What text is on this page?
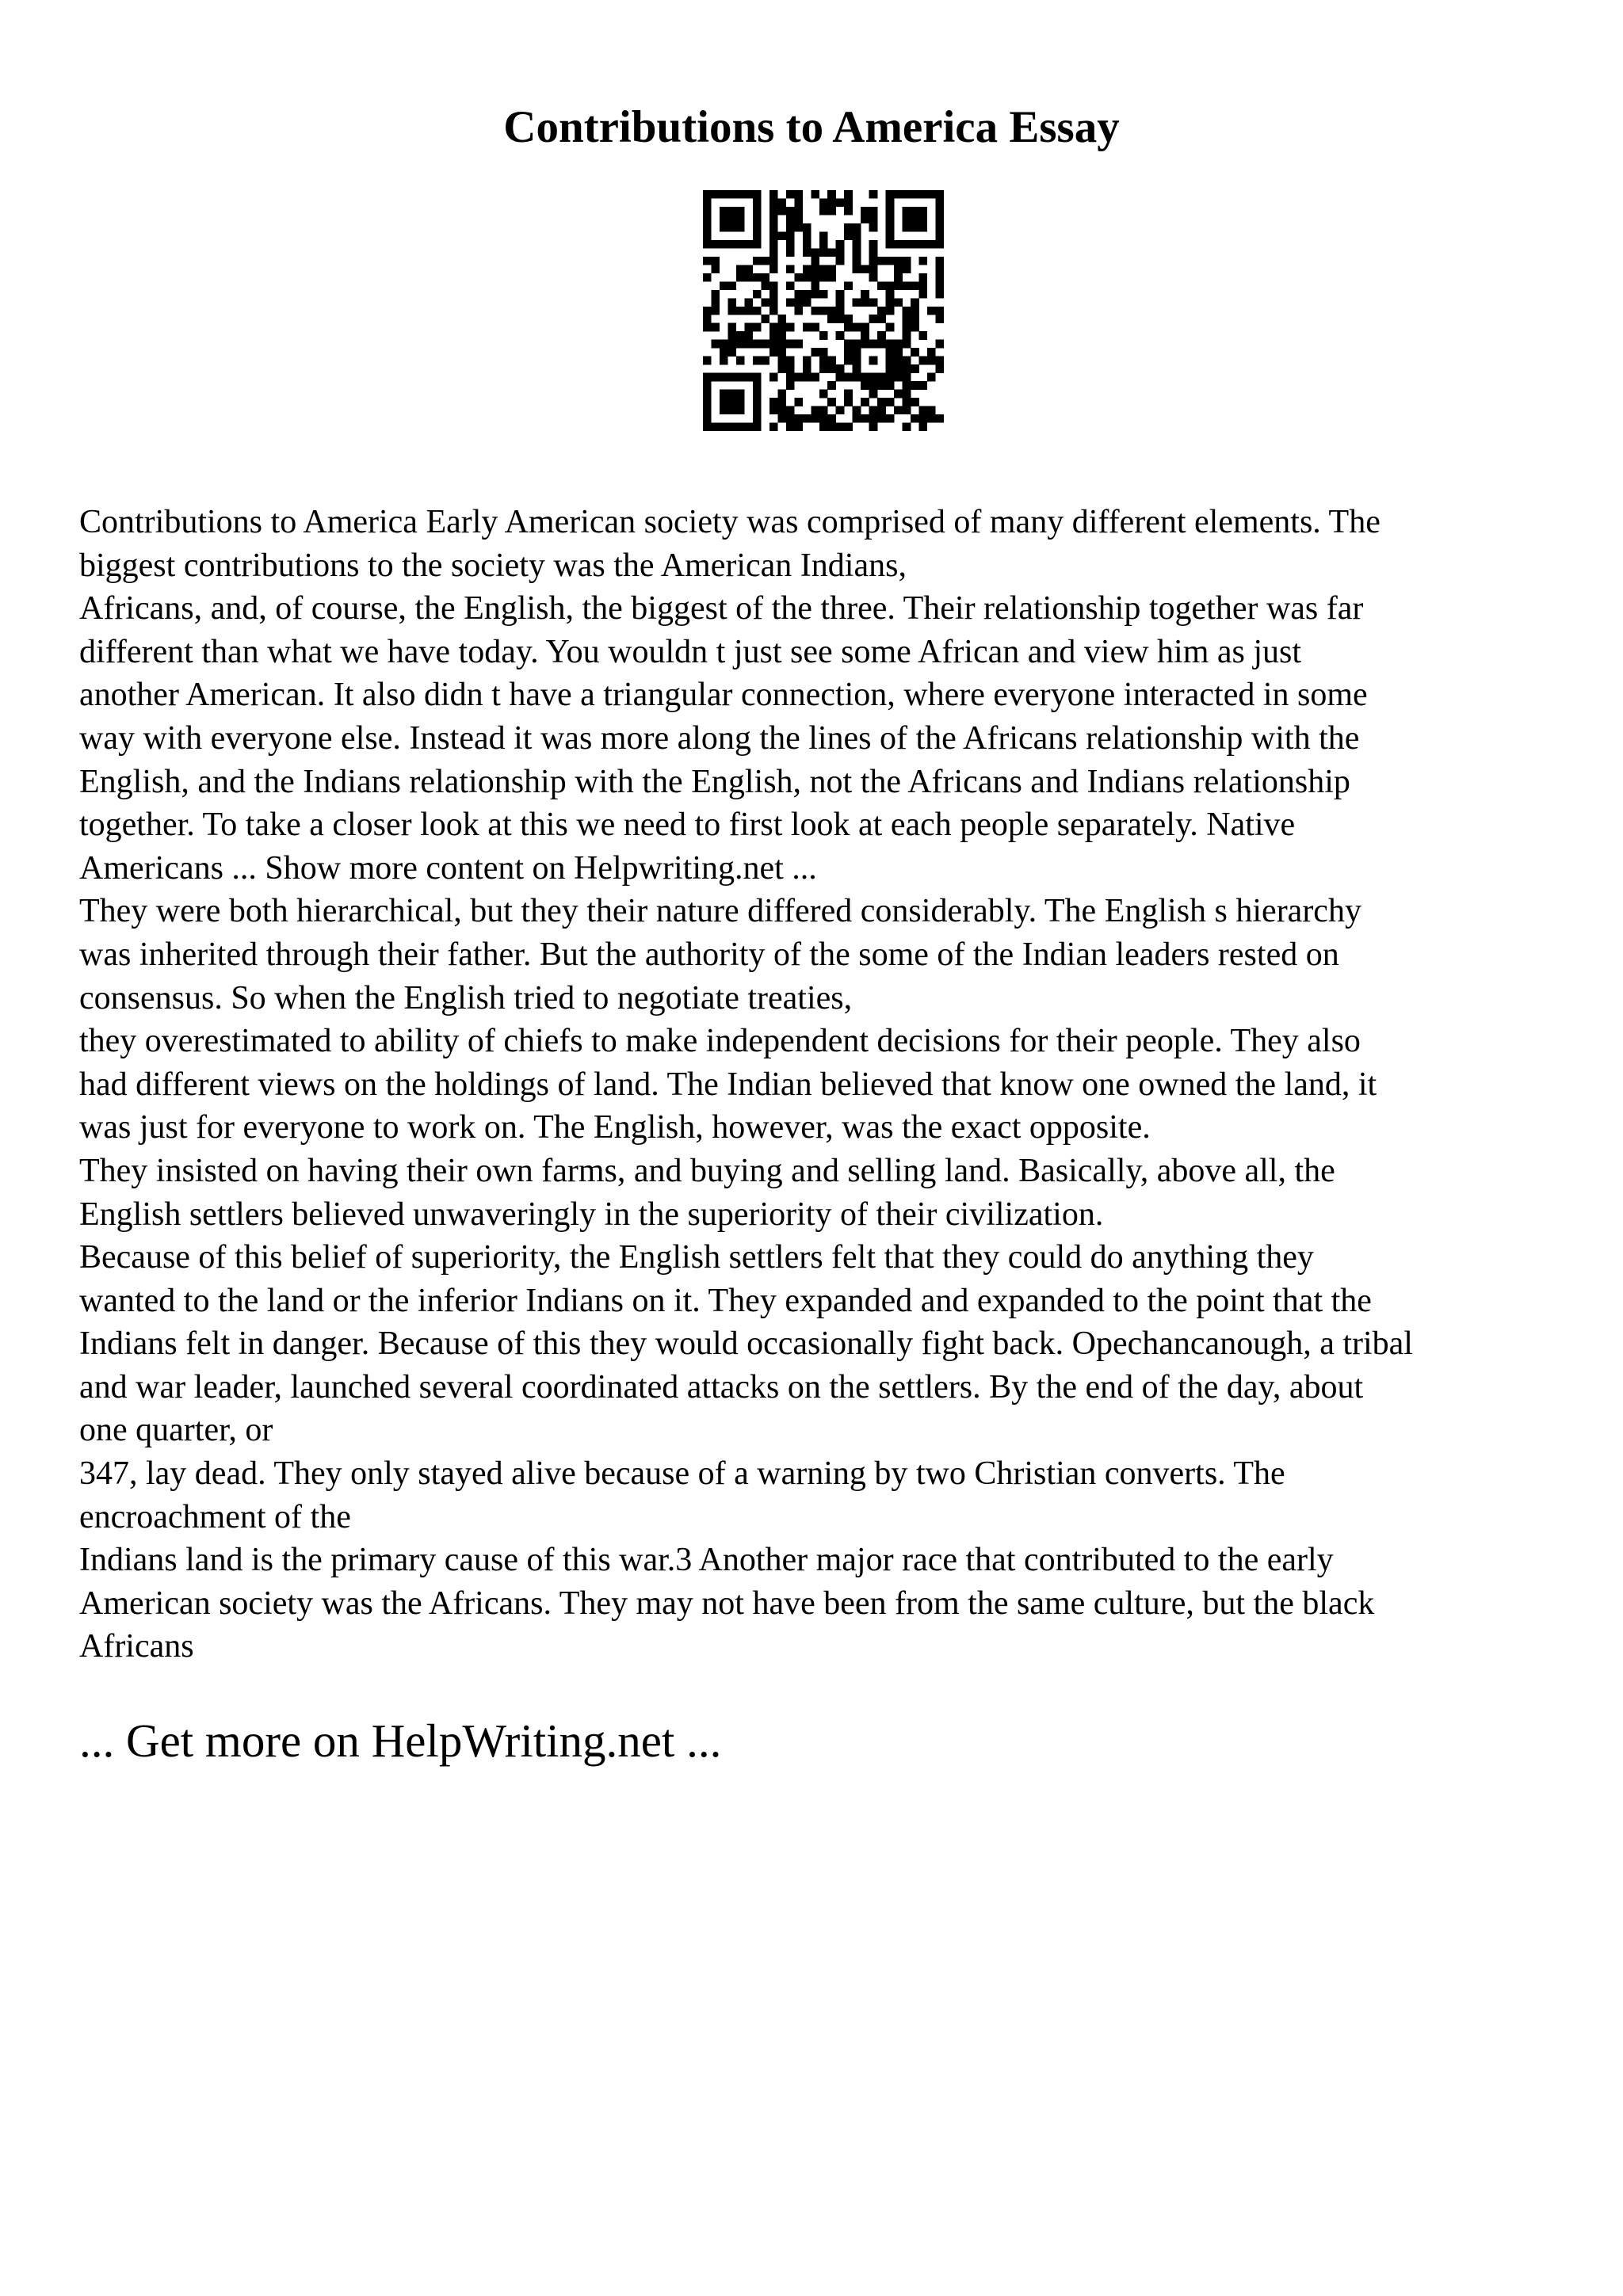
Contributions to America Essay
Contributions to America Early American society was comprised of many different elements. The
biggest contributions to the society was the American Indians,
Africans, and, of course, the English, the biggest of the three. Their relationship together was far
different than what we have today. You wouldn t just see some African and view him as just
another American. It also didn t have a triangular connection, where everyone interacted in some
way with everyone else. Instead it was more along the lines of the Africans relationship with the
English, and the Indians relationship with the English, not the Africans and Indians relationship
together. To take a closer look at this we need to first look at each people separately. Native
Americans ... Show more content on Helpwriting.net ...
They were both hierarchical, but they their nature differed considerably. The English s hierarchy
was inherited through their father. But the authority of the some of the Indian leaders rested on
consensus. So when the English tried to negotiate treaties,
they overestimated to ability of chiefs to make independent decisions for their people. They also
had different views on the holdings of land. The Indian believed that know one owned the land, it
was just for everyone to work on. The English, however, was the exact opposite.
They insisted on having their own farms, and buying and selling land. Basically, above all, the
English settlers believed unwaveringly in the superiority of their civilization.
Because of this belief of superiority, the English settlers felt that they could do anything they
wanted to the land or the inferior Indians on it. They expanded and expanded to the point that the
Indians felt in danger. Because of this they would occasionally fight back. Opechancanough, a tribal
and war leader, launched several coordinated attacks on the settlers. By the end of the day, about
one quarter, or
347, lay dead. They only stayed alive because of a warning by two Christian converts. The
encroachment of the
Indians land is the primary cause of this war.3 Another major race that contributed to the early
American society was the Africans. They may not have been from the same culture, but the black
Africans
... Get more on HelpWriting.net ...
